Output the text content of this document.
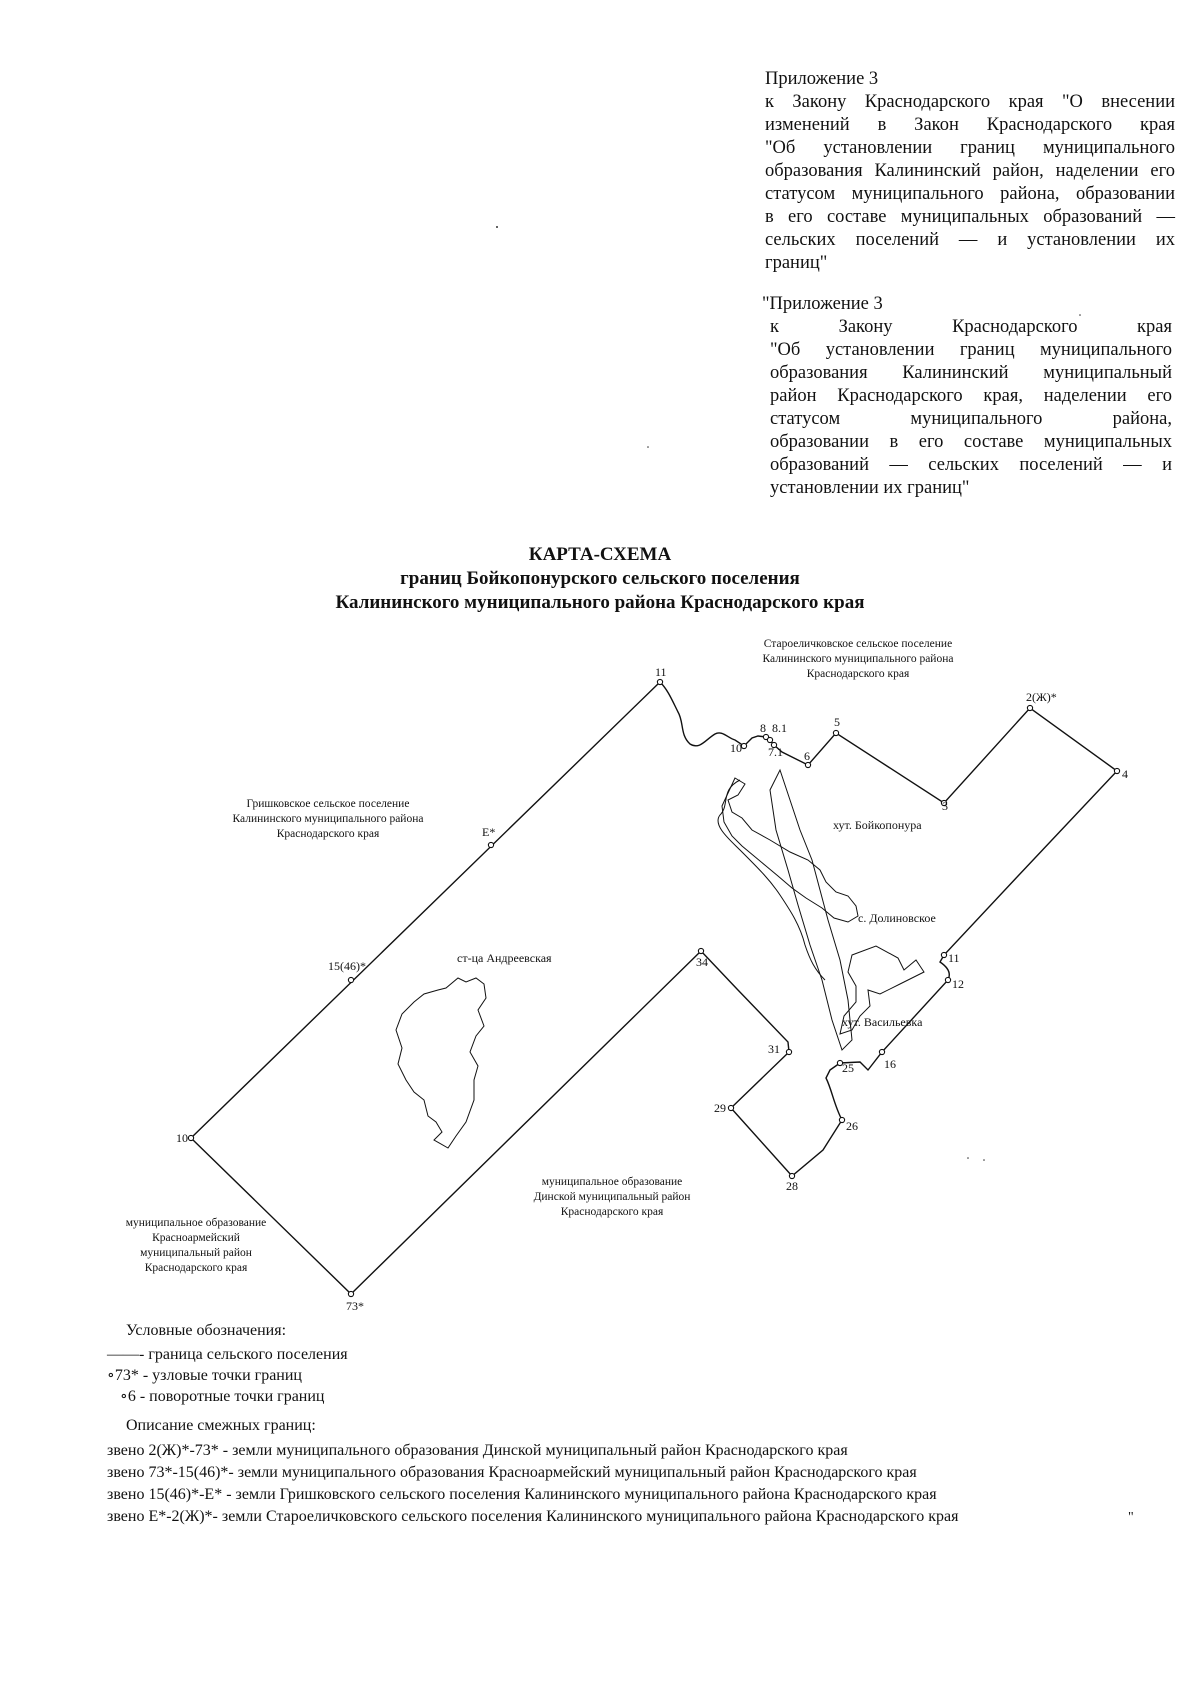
Приложение 3
к Закону Краснодарского края "О внесении
изменений в Закон Краснодарского края
"Об установлении границ муниципального
образования Калининский район, наделении его
статусом муниципального района, образовании
в его составе муниципальных образований —
сельских поселений — и установлении их
границ"
"Приложение 3
к Закону Краснодарского края
"Об установлении границ муниципального
образования Калининский муниципальный
район Краснодарского края, наделении его
статусом муниципального района,
образовании в его составе муниципальных
образований — сельских поселений — и
установлении их границ"
КАРТА-СХЕМА
границ Бойкопонурского сельского поселения
Калининского муниципального района Краснодарского края
11
10
8 8.1
7.1 6
5
3
2(Ж)*
4
11
12
16
25
26
28
29
31
34
73*
10
15(46)*
Е*
Староеличковское сельское поселение
Калининского муниципального района
Краснодарского края
Гришковское сельское поселение
Калининского муниципального района
Краснодарского края
муниципальное образование
Динской муниципальный район
Краснодарского края
муниципальное образование
Красноармейский
муниципальный район
Краснодарского края
ст-ца Андреевская
хут. Бойкопонура
с. Долиновское
хут. Васильевка
Условные обозначения:
——- граница сельского поселения
∘73* - узловые точки границ
∘6 - поворотные точки границ
Описание смежных границ:
звено 2(Ж)*-73* - земли муниципального образования Динской муниципальный район Краснодарского края
звено 73*-15(46)*- земли муниципального образования Красноармейский муниципальный район Краснодарского края
звено 15(46)*-Е* - земли Гришковского сельского поселения Калининского муниципального района Краснодарского края
звено Е*-2(Ж)*- земли Староеличковского сельского поселения Калининского муниципального района Краснодарского края	"
